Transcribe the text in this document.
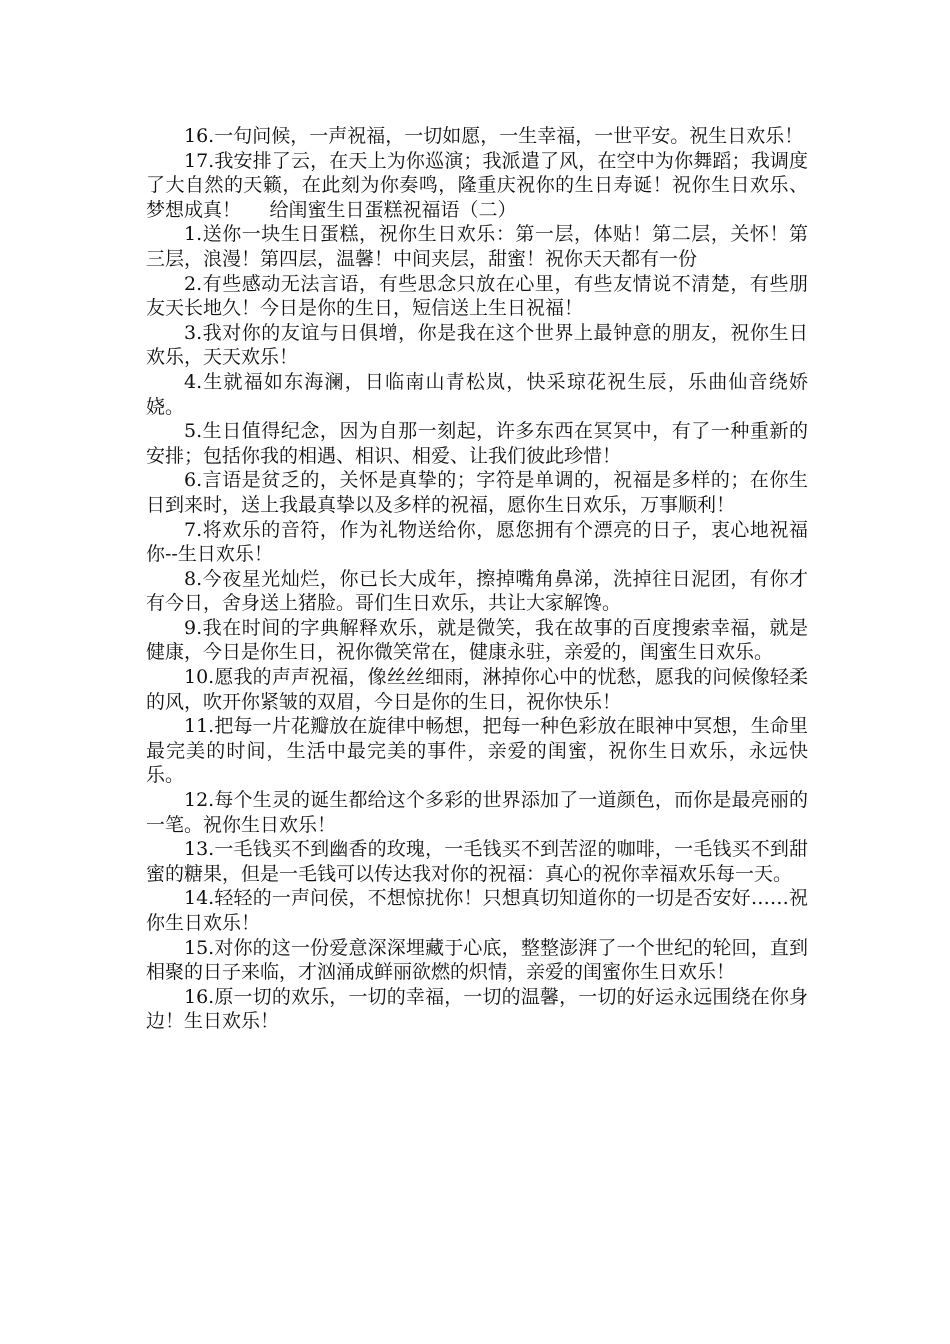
16.一句问候，一声祝福，一切如愿，一生幸福，一世平安。祝生日欢乐！

17.我安排了云，在天上为你巡演；我派遣了风，在空中为你舞蹈；我调度了大自然的天籁，在此刻为你奏鸣，隆重庆祝你的生日寿诞！祝你生日欢乐、梦想成真！ 给闺蜜生日蛋糕祝福语（二）

1.送你一块生日蛋糕，祝你生日欢乐：第一层，体贴！第二层，关怀！第三层，浪漫！第四层，温馨！中间夹层，甜蜜！祝你天天都有一份

2.有些感动无法言语，有些思念只放在心里，有些友情说不清楚，有些朋友天长地久！今日是你的生日，短信送上生日祝福！

3.我对你的友谊与日俱增，你是我在这个世界上最钟意的朋友，祝你生日欢乐，天天欢乐！

4.生就福如东海澜，日临南山青松岚，快采琼花祝生辰，乐曲仙音绕娇娆。

5.生日值得纪念，因为自那一刻起，许多东西在冥冥中，有了一种重新的安排；包括你我的相遇、相识、相爱、让我们彼此珍惜！

6.言语是贫乏的，关怀是真挚的；字符是单调的，祝福是多样的；在你生日到来时，送上我最真挚以及多样的祝福，愿你生日欢乐，万事顺利！

7.将欢乐的音符，作为礼物送给你，愿您拥有个漂亮的日子，衷心地祝福你--生日欢乐！

8.今夜星光灿烂，你已长大成年，擦掉嘴角鼻涕，洗掉往日泥团，有你才有今日，舍身送上猪脸。哥们生日欢乐，共让大家解馋。

9.我在时间的字典解释欢乐，就是微笑，我在故事的百度搜索幸福，就是健康，今日是你生日，祝你微笑常在，健康永驻，亲爱的，闺蜜生日欢乐。

10.愿我的声声祝福，像丝丝细雨，淋掉你心中的忧愁，愿我的问候像轻柔的风，吹开你紧皱的双眉，今日是你的生日，祝你快乐！

11.把每一片花瓣放在旋律中畅想，把每一种色彩放在眼神中冥想，生命里最完美的时间，生活中最完美的事件，亲爱的闺蜜，祝你生日欢乐，永远快乐。

12.每个生灵的诞生都给这个多彩的世界添加了一道颜色，而你是最亮丽的一笔。祝你生日欢乐！

13.一毛钱买不到幽香的玫瑰，一毛钱买不到苦涩的咖啡，一毛钱买不到甜蜜的糖果，但是一毛钱可以传达我对你的祝福：真心的祝你幸福欢乐每一天。

14.轻轻的一声问侯，不想惊扰你！只想真切知道你的一切是否安好……祝你生日欢乐！

15.对你的这一份爱意深深埋藏于心底，整整澎湃了一个世纪的轮回，直到相聚的日子来临，才汹涌成鲜丽欲燃的炽情，亲爱的闺蜜你生日欢乐！

16.原一切的欢乐，一切的幸福，一切的温馨，一切的好运永远围绕在你身边！生日欢乐！
